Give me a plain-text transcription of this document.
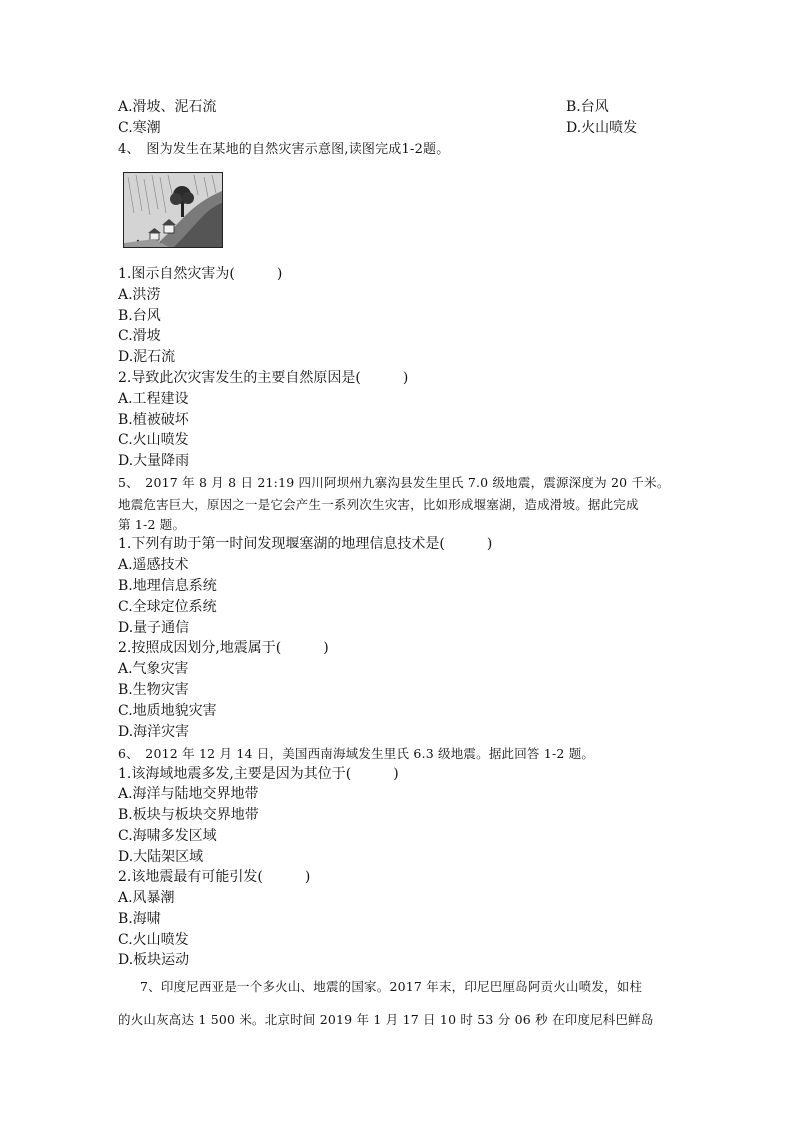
A.滑坡、泥石流	B.台风
C.寒潮	D.火山喷发
4、　图为发生在某地的自然灾害示意图,读图完成1-2题。
1.图示自然灾害为(　　　)
A.洪涝
B.台风
C.滑坡
D.泥石流
2.导致此次灾害发生的主要自然原因是(　　　)
A.工程建设
B.植被破坏
C.火山喷发
D.大量降雨
5、　2017 年 8 月 8 日 21:19 四川阿坝州九寨沟县发生里氏 7.0 级地震，震源深度为 20 千米。
地震危害巨大，原因之一是它会产生一系列次生灾害，比如形成堰塞湖，造成滑坡。据此完成
第 1-2 题。
1.下列有助于第一时间发现堰塞湖的地理信息技术是(　　　)
A.遥感技术
B.地理信息系统
C.全球定位系统
D.量子通信
2.按照成因划分,地震属于(　　　)
A.气象灾害
B.生物灾害
C.地质地貌灾害
D.海洋灾害
6、　2012 年 12 月 14 日，美国西南海域发生里氏 6.3 级地震。据此回答 1-2 题。
1.该海域地震多发,主要是因为其位于(　　　)
A.海洋与陆地交界地带
B.板块与板块交界地带
C.海啸多发区域
D.大陆架区域
2.该地震最有可能引发(　　　)
A.风暴潮
B.海啸
C.火山喷发
D.板块运动
7、印度尼西亚是一个多火山、地震的国家。2017 年末，印尼巴厘岛阿贡火山喷发，如柱
的火山灰高达 1 500 米。北京时间 2019 年 1 月 17 日 10 时 53 分 06 秒 在印度尼科巴鲜岛
